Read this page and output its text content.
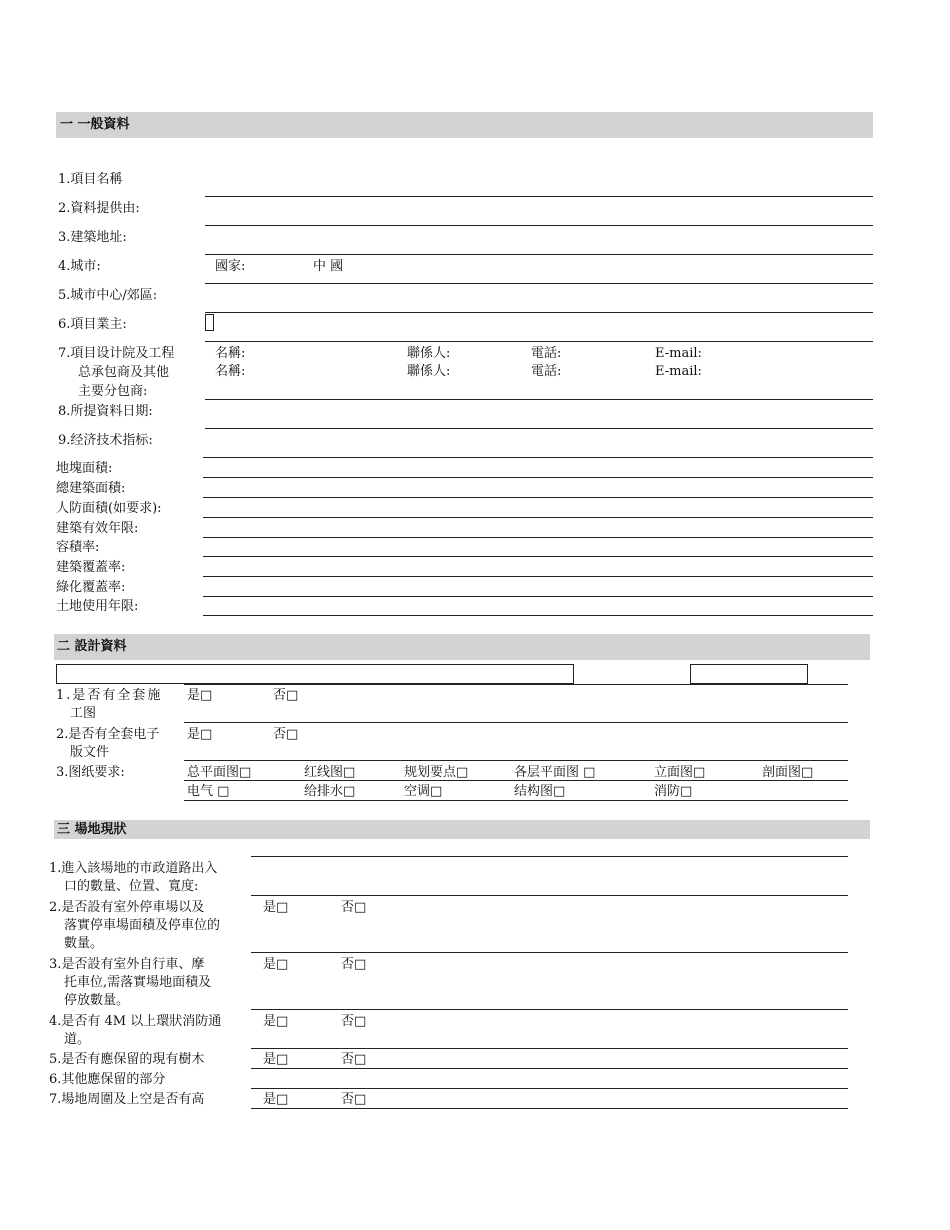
一 一般資料
1.項目名稱
2.資料提供由:
3.建築地址:
4.城市:	國家:	中 國
5.城市中心/郊區:
6.項目業主:
7.項目设计院及工程
总承包商及其他
主要分包商:
名稱:	聯係人:	電話:	E-mail:
名稱:	聯係人:	電話:	E-mail:
8.所提資料日期:
9.经济技术指标:
地塊面積:
總建築面積:
人防面積(如要求):
建築有效年限:
容積率:
建築覆蓋率:
綠化覆蓋率:
土地使用年限:
二 設計資料
1.是否有全套施
工图
是□	否□
2.是否有全套电子
版文件
是□	否□
3.图纸要求:	总平面图□	红线图□	规划要点□	各层平面图 □	立面图□	剖面图□
电气 □	给排水□	空调□	结构图□	消防□
三 場地現狀
1.進入該場地的市政道路出入
口的數量、位置、寬度:
2.是否設有室外停車場以及
落實停車場面積及停車位的
數量。
是□	否□
3.是否設有室外自行車、摩
托車位,需落實場地面積及
停放數量。
是□	否□
4.是否有 4M 以上環狀消防通
道。
是□	否□
5.是否有應保留的現有樹木	是□	否□
6.其他應保留的部分
7.場地周圍及上空是否有高	是□	否□
